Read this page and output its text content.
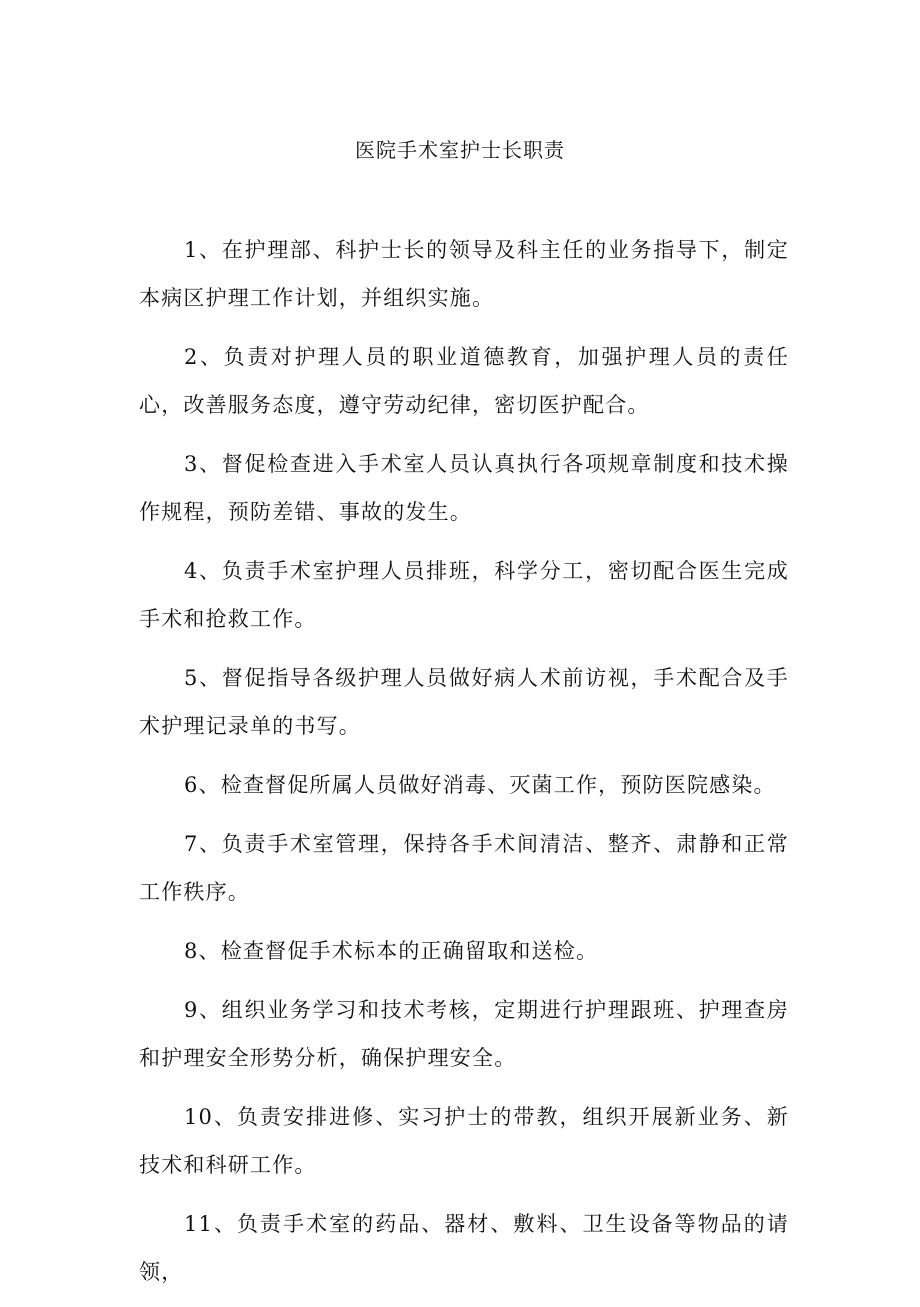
医院手术室护士长职责

1、在护理部、科护士长的领导及科主任的业务指导下，制定本病区护理工作计划，并组织实施。

2、负责对护理人员的职业道德教育，加强护理人员的责任心，改善服务态度，遵守劳动纪律，密切医护配合。

3、督促检查进入手术室人员认真执行各项规章制度和技术操作规程，预防差错、事故的发生。

4、负责手术室护理人员排班，科学分工，密切配合医生完成手术和抢救工作。

5、督促指导各级护理人员做好病人术前访视，手术配合及手术护理记录单的书写。

6、检查督促所属人员做好消毒、灭菌工作，预防医院感染。

7、负责手术室管理，保持各手术间清洁、整齐、肃静和正常工作秩序。

8、检查督促手术标本的正确留取和送检。

9、组织业务学习和技术考核，定期进行护理跟班、护理查房和护理安全形势分析，确保护理安全。

10、负责安排进修、实习护士的带教，组织开展新业务、新技术和科研工作。

11、负责手术室的药品、器材、敷料、卫生设备等物品的请领，
